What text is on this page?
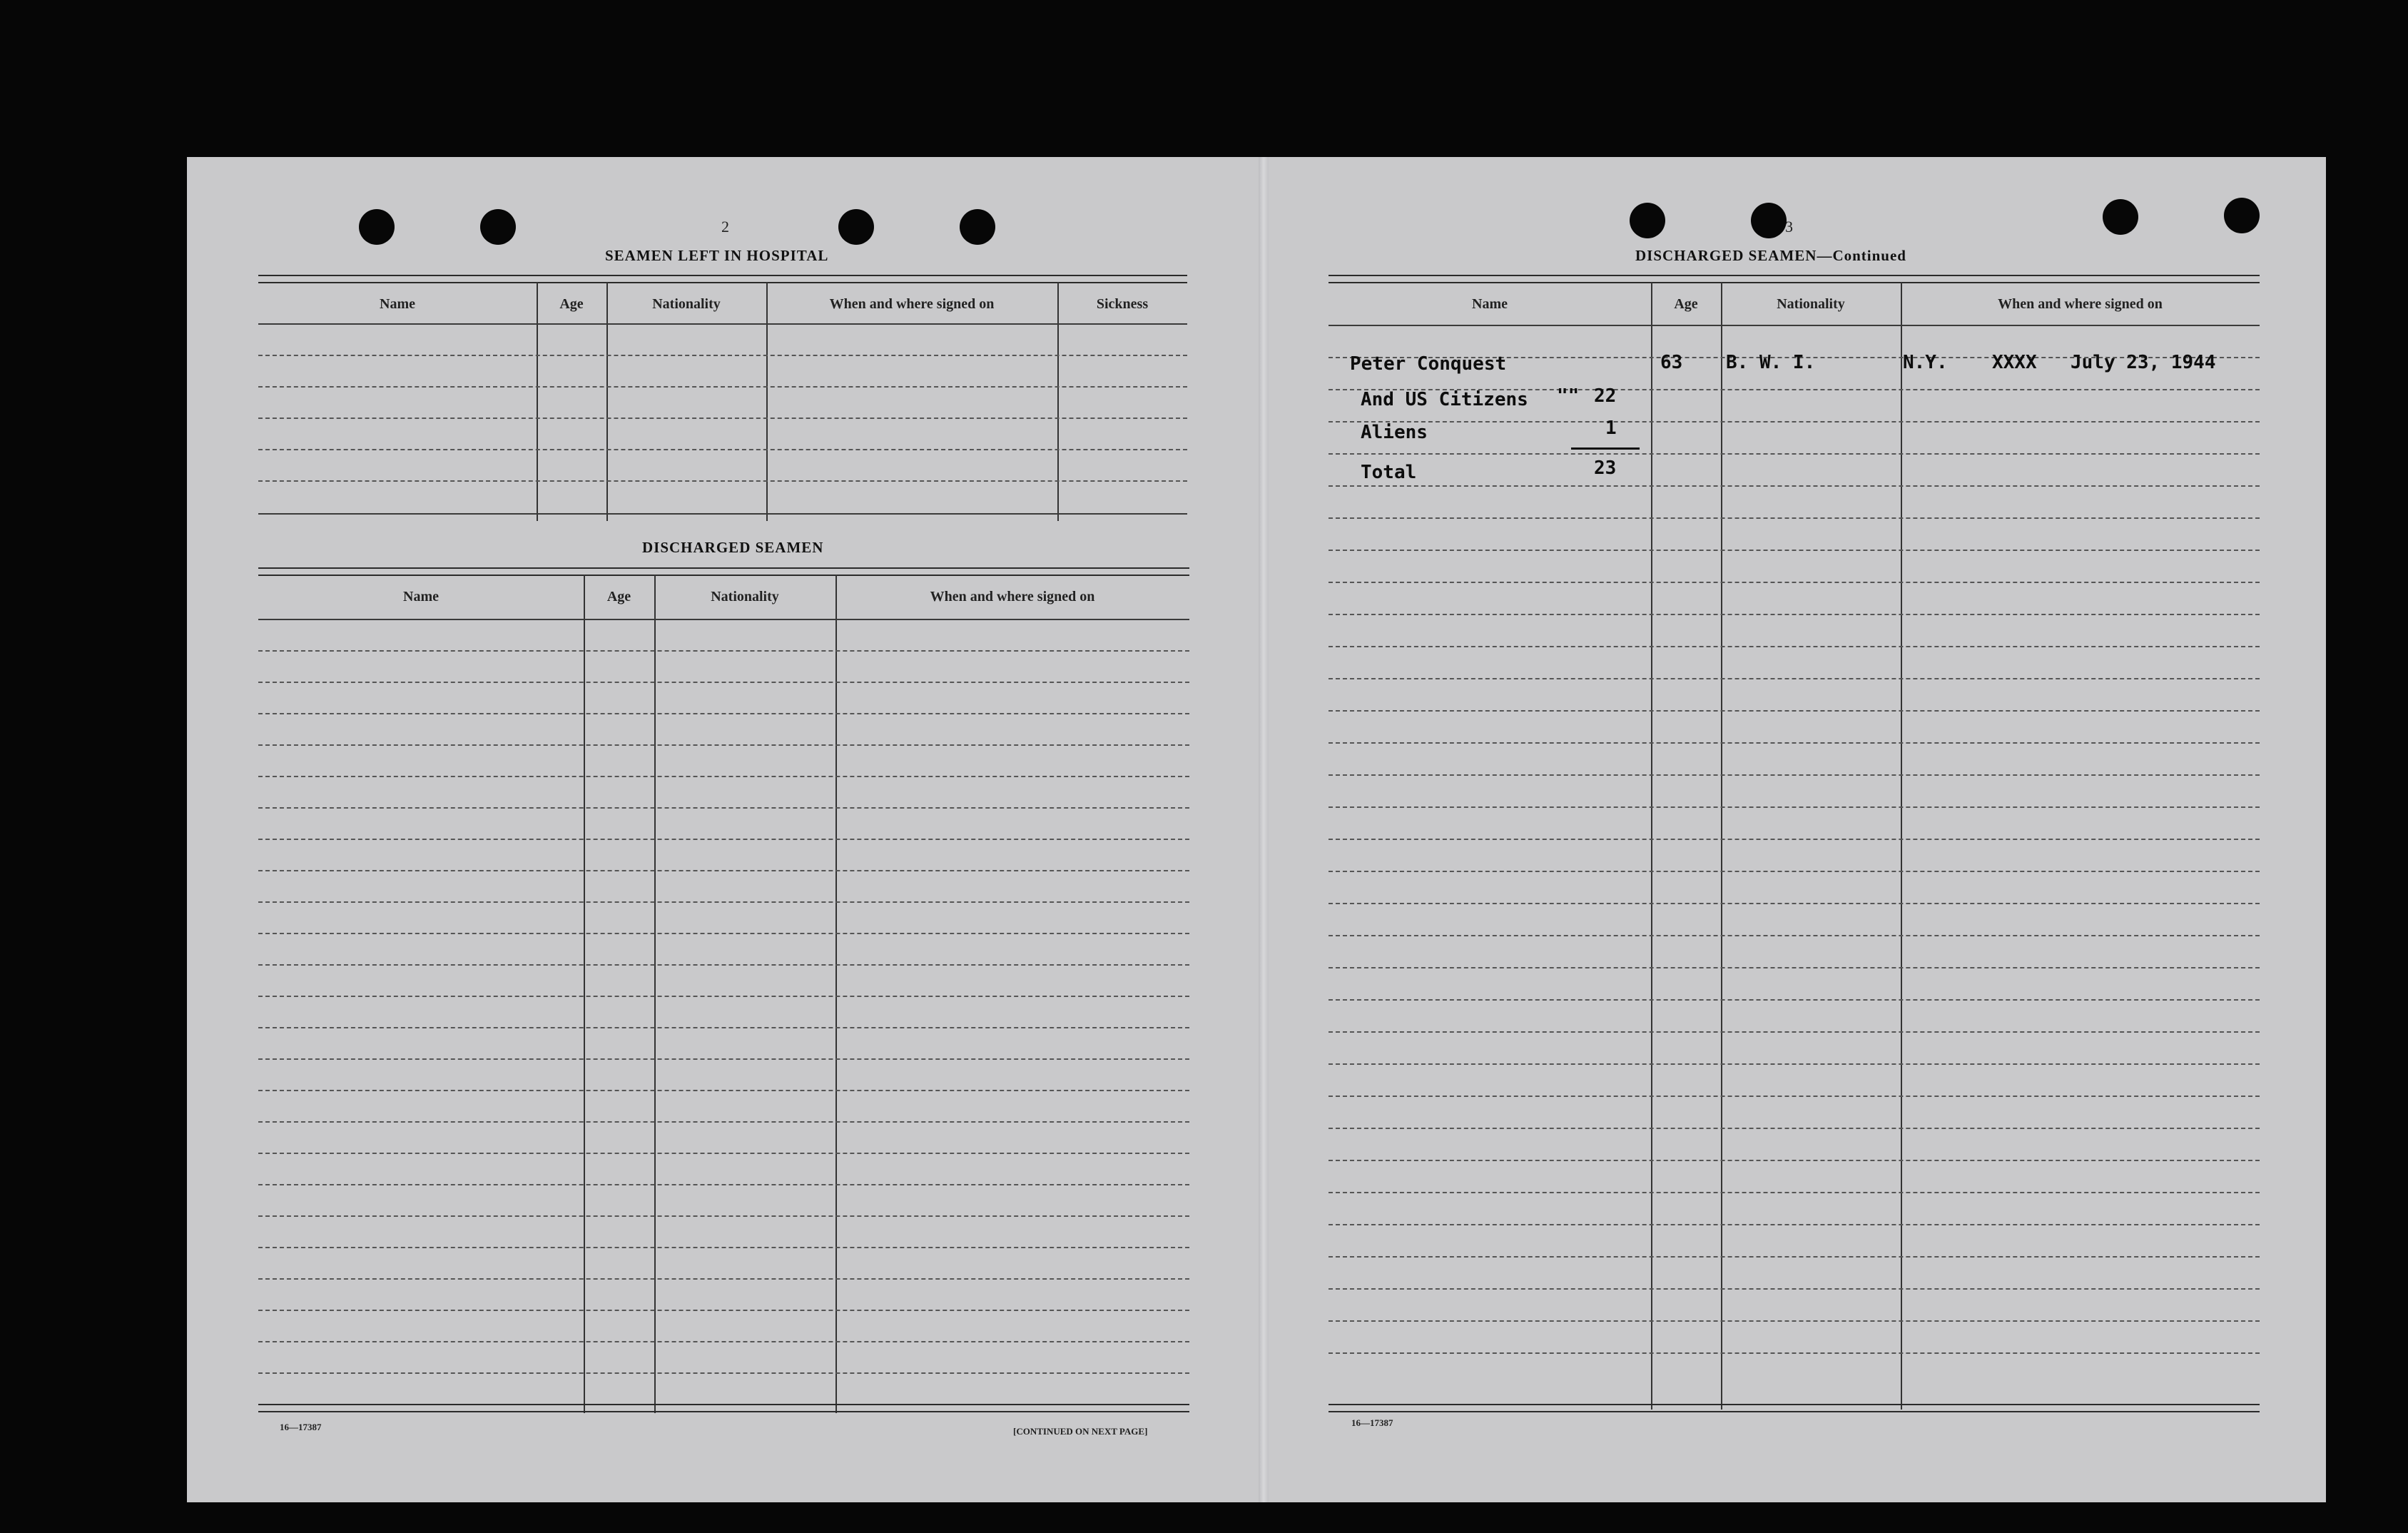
2
SEAMEN LEFT IN HOSPITAL
Name	Age	Nationality	When and where signed on	Sickness
DISCHARGED SEAMEN
Name	Age	Nationality	When and where signed on
16—17387	[CONTINUED ON NEXT PAGE]
3
DISCHARGED SEAMEN—Continued
Name	Age	Nationality	When and where signed on
Peter Conquest	63 B. W. I.	N.Y. XXXX July 23, 1944
And US Citizens "" 22
Aliens	1
Total	23
16—17387
